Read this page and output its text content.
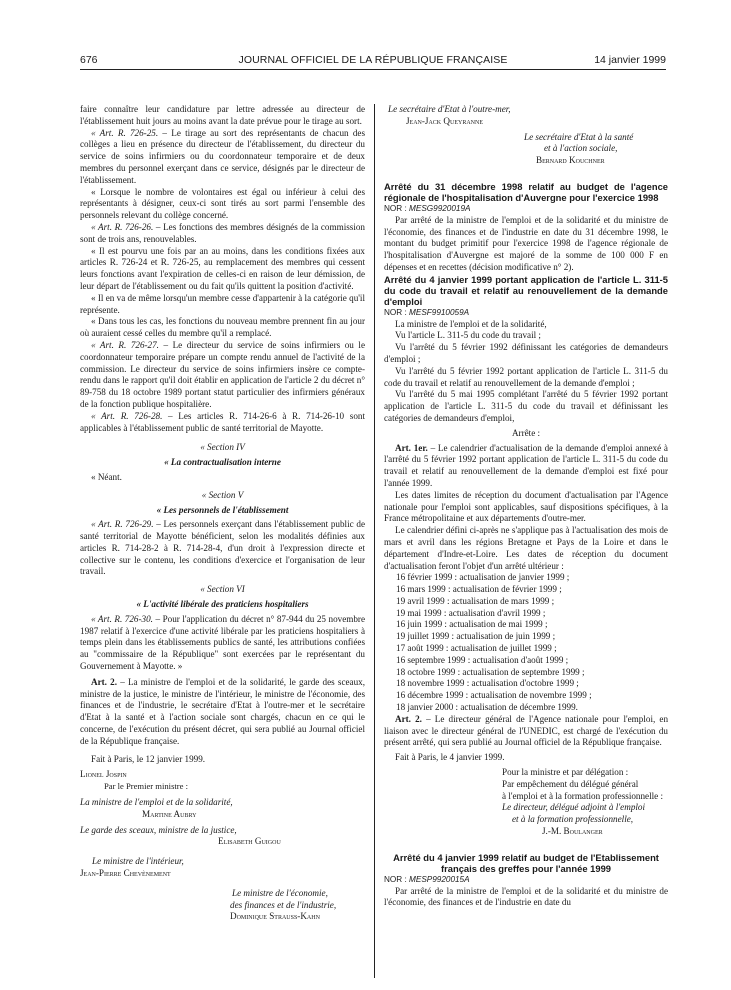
676	JOURNAL OFFICIEL DE LA RÉPUBLIQUE FRANÇAISE	14 janvier 1999

faire connaître leur candidature par lettre adressée au directeur de l'établissement huit jours au moins avant la date prévue pour le tirage au sort.

« Art. R. 726-25. – Le tirage au sort des représentants de chacun des collèges a lieu en présence du directeur de l'établissement, du directeur du service de soins infirmiers ou du coordonnateur temporaire et de deux membres du personnel exerçant dans ce service, désignés par le directeur de l'établissement.

« Lorsque le nombre de volontaires est égal ou inférieur à celui des représentants à désigner, ceux-ci sont tirés au sort parmi l'ensemble des personnels relevant du collège concerné.

« Art. R. 726-26. – Les fonctions des membres désignés de la commission sont de trois ans, renouvelables.

« Il est pourvu une fois par an au moins, dans les conditions fixées aux articles R. 726-24 et R. 726-25, au remplacement des membres qui cessent leurs fonctions avant l'expiration de celles-ci en raison de leur démission, de leur départ de l'établissement ou du fait qu'ils quittent la position d'activité.

« Il en va de même lorsqu'un membre cesse d'appartenir à la catégorie qu'il représente.

« Dans tous les cas, les fonctions du nouveau membre prennent fin au jour où auraient cessé celles du membre qu'il a remplacé.

« Art. R. 726-27. – Le directeur du service de soins infirmiers ou le coordonnateur temporaire prépare un compte rendu annuel de l'activité de la commission. Le directeur du service de soins infirmiers insère ce compte-rendu dans le rapport qu'il doit établir en application de l'article 2 du décret n° 89-758 du 18 octobre 1989 portant statut particulier des infirmiers généraux de la fonction publique hospitalière.

« Art. R. 726-28. – Les articles R. 714-26-6 à R. 714-26-10 sont applicables à l'établissement public de santé territorial de Mayotte.

« Section IV

« La contractualisation interne

« Néant.

« Section V

« Les personnels de l'établissement

« Art. R. 726-29. – Les personnels exerçant dans l'établissement public de santé territorial de Mayotte bénéficient, selon les modalités définies aux articles R. 714-28-2 à R. 714-28-4, d'un droit à l'expression directe et collective sur le contenu, les conditions d'exercice et l'organisation de leur travail.

« Section VI

« L'activité libérale des praticiens hospitaliers

« Art. R. 726-30. – Pour l'application du décret n° 87-944 du 25 novembre 1987 relatif à l'exercice d'une activité libérale par les praticiens hospitaliers à temps plein dans les établissements publics de santé, les attributions confiées au "commissaire de la République" sont exercées par le représentant du Gouvernement à Mayotte. »

Art. 2. – La ministre de l'emploi et de la solidarité, le garde des sceaux, ministre de la justice, le ministre de l'intérieur, le ministre de l'économie, des finances et de l'industrie, le secrétaire d'Etat à l'outre-mer et le secrétaire d'Etat à la santé et à l'action sociale sont chargés, chacun en ce qui le concerne, de l'exécution du présent décret, qui sera publié au Journal officiel de la République française.

Fait à Paris, le 12 janvier 1999.

Lionel Jospin

Par le Premier ministre :

La ministre de l'emploi et de la solidarité,

Martine Aubry

Le garde des sceaux, ministre de la justice,

Elisabeth Guigou

Le ministre de l'intérieur,

Jean-Pierre Chevènement

Le ministre de l'économie,

des finances et de l'industrie,

Dominique Strauss-Kahn

Le secrétaire d'Etat à l'outre-mer,

Jean-Jack Queyranne

Le secrétaire d'Etat à la santé

et à l'action sociale,

Bernard Kouchner

Arrêté du 31 décembre 1998 relatif au budget de l'agence régionale de l'hospitalisation d'Auvergne pour l'exercice 1998

NOR : MESG9920019A

Par arrêté de la ministre de l'emploi et de la solidarité et du ministre de l'économie, des finances et de l'industrie en date du 31 décembre 1998, le montant du budget primitif pour l'exercice 1998 de l'agence régionale de l'hospitalisation d'Auvergne est majoré de la somme de 100 000 F en dépenses et en recettes (décision modificative n° 2).

Arrêté du 4 janvier 1999 portant application de l'article L. 311-5 du code du travail et relatif au renouvellement de la demande d'emploi

NOR : MESF9910059A

La ministre de l'emploi et de la solidarité,

Vu l'article L. 311-5 du code du travail ;

Vu l'arrêté du 5 février 1992 définissant les catégories de demandeurs d'emploi ;

Vu l'arrêté du 5 février 1992 portant application de l'article L. 311-5 du code du travail et relatif au renouvellement de la demande d'emploi ;

Vu l'arrêté du 5 mai 1995 complétant l'arrêté du 5 février 1992 portant application de l'article L. 311-5 du code du travail et définissant les catégories de demandeurs d'emploi,

Arrête :

Art. 1er. – Le calendrier d'actualisation de la demande d'emploi annexé à l'arrêté du 5 février 1992 portant application de l'article L. 311-5 du code du travail et relatif au renouvellement de la demande d'emploi est fixé pour l'année 1999.

Les dates limites de réception du document d'actualisation par l'Agence nationale pour l'emploi sont applicables, sauf dispositions spécifiques, à la France métropolitaine et aux départements d'outre-mer.

Le calendrier défini ci-après ne s'applique pas à l'actualisation des mois de mars et avril dans les régions Bretagne et Pays de la Loire et dans le département d'Indre-et-Loire. Les dates de réception du document d'actualisation feront l'objet d'un arrêté ultérieur :

16 février 1999 : actualisation de janvier 1999 ;

16 mars 1999 : actualisation de février 1999 ;

19 avril 1999 : actualisation de mars 1999 ;

19 mai 1999 : actualisation d'avril 1999 ;

16 juin 1999 : actualisation de mai 1999 ;

19 juillet 1999 : actualisation de juin 1999 ;

17 août 1999 : actualisation de juillet 1999 ;

16 septembre 1999 : actualisation d'août 1999 ;

18 octobre 1999 : actualisation de septembre 1999 ;

18 novembre 1999 : actualisation d'octobre 1999 ;

16 décembre 1999 : actualisation de novembre 1999 ;

18 janvier 2000 : actualisation de décembre 1999.

Art. 2. – Le directeur général de l'Agence nationale pour l'emploi, en liaison avec le directeur général de l'UNEDIC, est chargé de l'exécution du présent arrêté, qui sera publié au Journal officiel de la République française.

Fait à Paris, le 4 janvier 1999.

Pour la ministre et par délégation :

Par empêchement du délégué général

à l'emploi et à la formation professionnelle :

Le directeur, délégué adjoint à l'emploi

et à la formation professionnelle,

J.-M. Boulanger

Arrêté du 4 janvier 1999 relatif au budget de l'Etablissement français des greffes pour l'année 1999

NOR : MESP9920015A

Par arrêté de la ministre de l'emploi et de la solidarité et du ministre de l'économie, des finances et de l'industrie en date du
